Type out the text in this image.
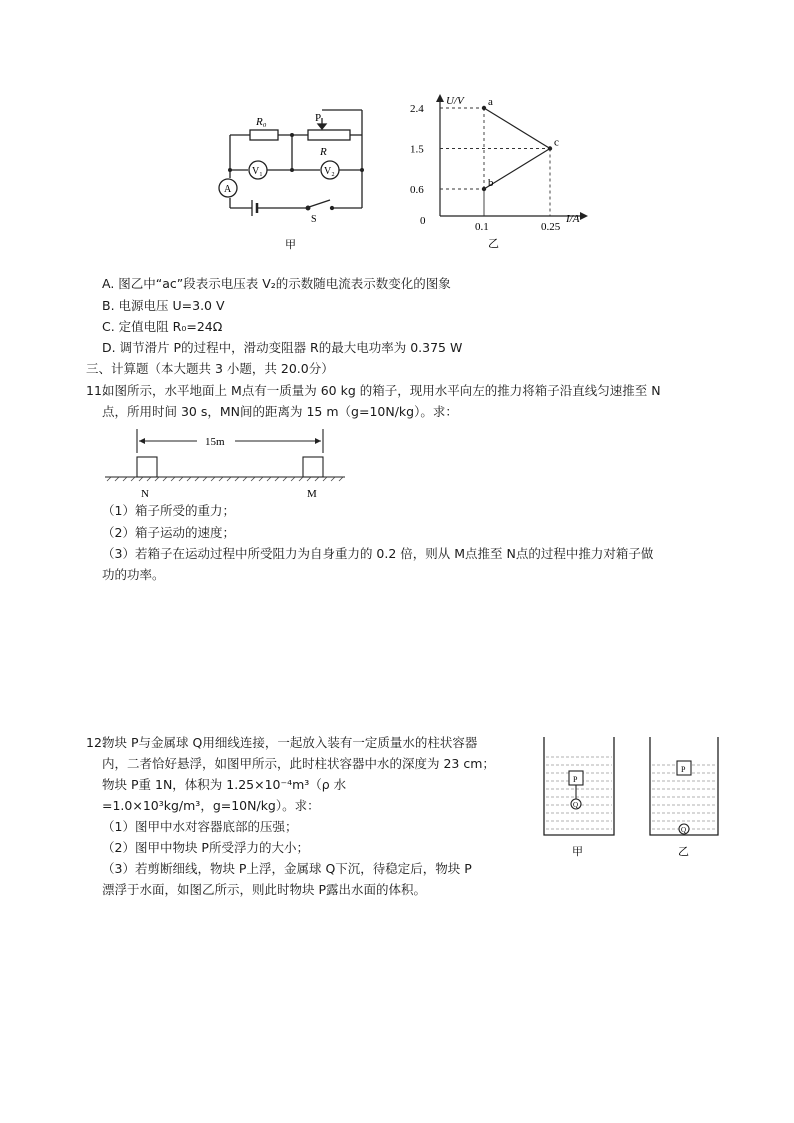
R₀	P
R
V₁	V₂
A
S
甲
a
b
c
2.4
1.5
0.6
0.1	0.25
U/V
I/A
0
乙
A. 图乙中“ac”段表示电压表 V₂的示数随电流表示数变化的图象
B. 电源电压 U=3.0 V
C. 定值电阻 R₀=24Ω
D. 调节滑片 P的过程中，滑动变阻器 R的最大电功率为 0.375 W
三、计算题（本大题共 3 小题，共 20.0分）
11.
如图所示，水平地面上 M点有一质量为 60 kg 的箱子，现用水平向左的推力将箱子沿直线匀速推至 N
点，所用时间 30 s，MN间的距离为 15 m（g=10N/kg）。求：
15m
N	M
（1）箱子所受的重力；
（2）箱子运动的速度；
（3）若箱子在运动过程中所受阻力为自身重力的 0.2 倍，则从 M点推至 N点的过程中推力对箱子做
功的功率。
12.
物块 P与金属球 Q用细线连接，一起放入装有一定质量水的柱状容器
内，二者恰好悬浮，如图甲所示，此时柱状容器中水的深度为 23 cm；
物块 P重 1N，体积为 1.25×10⁻⁴m³（ρ 水
=1.0×10³kg/m³，g=10N/kg）。求：
（1）图甲中水对容器底部的压强；
（2）图甲中物块 P所受浮力的大小；
（3）若剪断细线，物块 P上浮，金属球 Q下沉，待稳定后，物块 P
漂浮于水面，如图乙所示，则此时物块 P露出水面的体积。
P
Q
P
Q
甲	乙
